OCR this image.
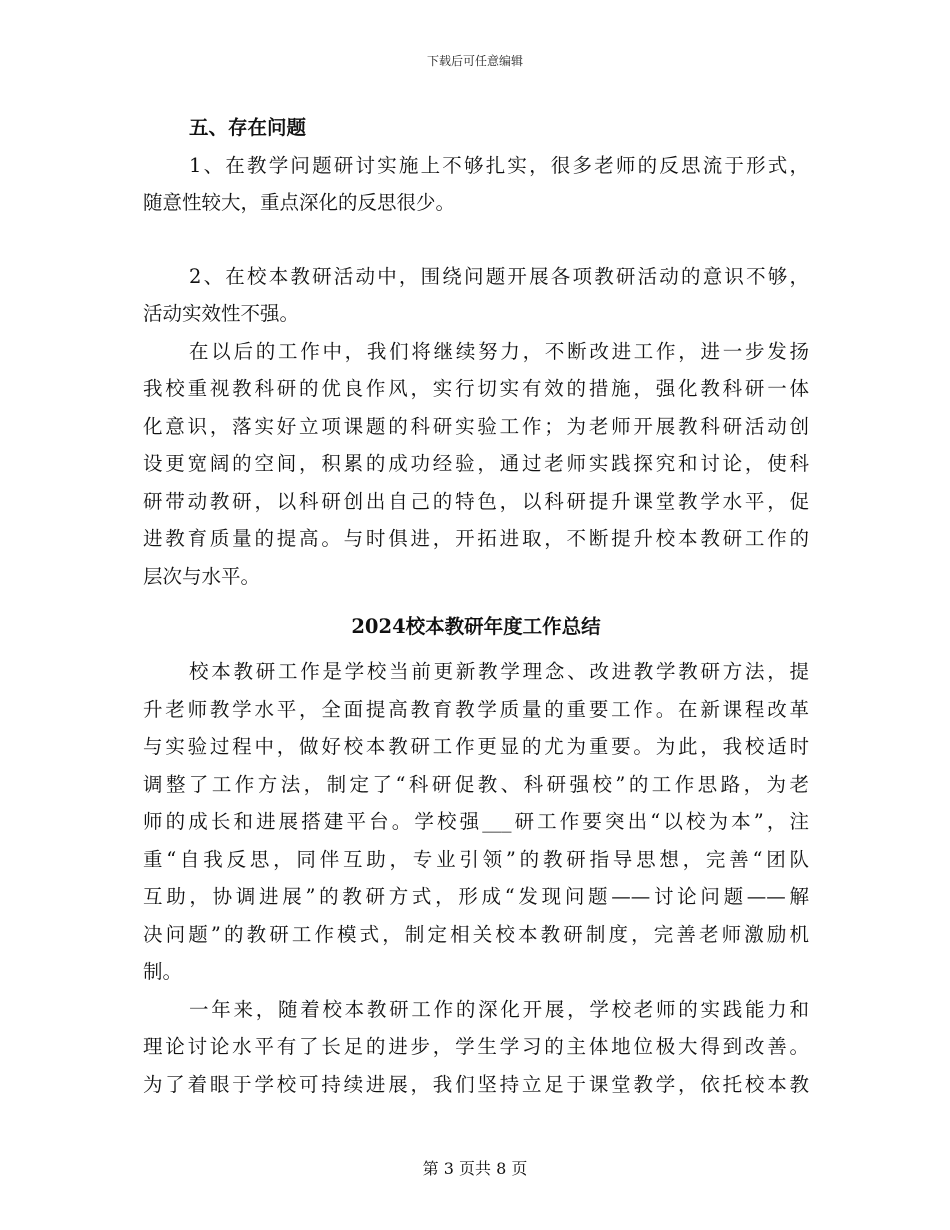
下载后可任意编辑
五、存在问题
1、在教学问题研讨实施上不够扎实，很多老师的反思流于形式，
随意性较大，重点深化的反思很少。
2、在校本教研活动中，围绕问题开展各项教研活动的意识不够，
活动实效性不强。
在以后的工作中，我们将继续努力，不断改进工作，进一步发扬
我校重视教科研的优良作风，实行切实有效的措施，强化教科研一体
化意识，落实好立项课题的科研实验工作；为老师开展教科研活动创
设更宽阔的空间，积累的成功经验，通过老师实践探究和讨论，使科
研带动教研，以科研创出自己的特色，以科研提升课堂教学水平，促
进教育质量的提高。与时俱进，开拓进取，不断提升校本教研工作的
层次与水平。
2024校本教研年度工作总结
校本教研工作是学校当前更新教学理念、改进教学教研方法，提
升老师教学水平，全面提高教育教学质量的重要工作。在新课程改革
与实验过程中，做好校本教研工作更显的尤为重要。为此，我校适时
调整了工作方法，制定了“科研促教、科研强校”的工作思路，为老
师的成长和进展搭建平台。学校强___研工作要突出“以校为本”，注
重“自我反思，同伴互助，专业引领”的教研指导思想，完善“团队
互助，协调进展”的教研方式，形成“发现问题——讨论问题——解
决问题”的教研工作模式，制定相关校本教研制度，完善老师激励机
制。
一年来，随着校本教研工作的深化开展，学校老师的实践能力和
理论讨论水平有了长足的进步，学生学习的主体地位极大得到改善。
为了着眼于学校可持续进展，我们坚持立足于课堂教学，依托校本教
第 3 页共 8 页
